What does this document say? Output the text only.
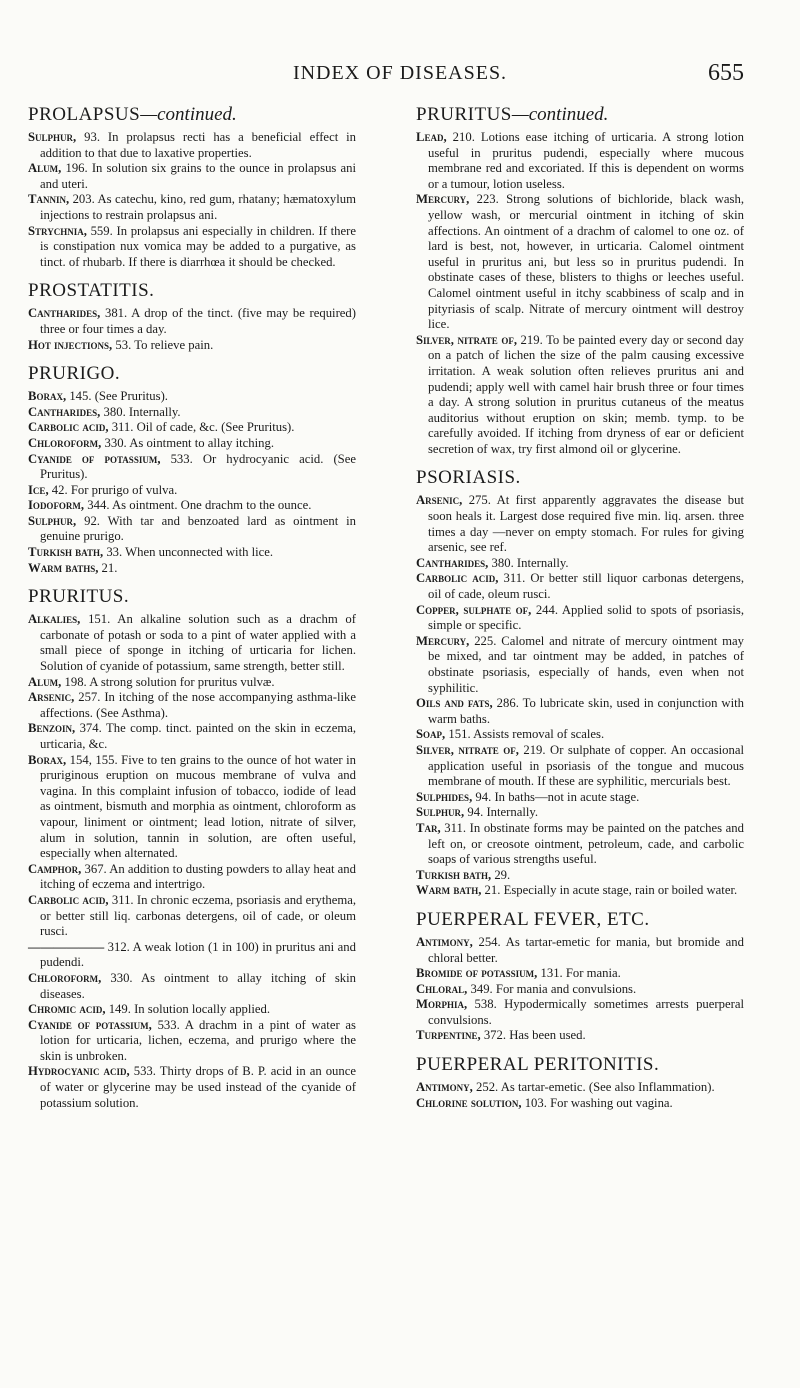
INDEX OF DISEASES.	655
PROLAPSUS—continued.

Sulphur, 93. In prolapsus recti has a beneficial effect in addition to that due to laxative properties.

Alum, 196. In solution six grains to the ounce in prolapsus ani and uteri.

Tannin, 203. As catechu, kino, red gum, rhatany; hæmatoxylum injections to restrain prolapsus ani.

Strychnia, 559. In prolapsus ani especially in children. If there is constipation nux vomica may be added to a purgative, as tinct. of rhubarb. If there is diarrhœa it should be checked.

PROSTATITIS.

Cantharides, 381. A drop of the tinct. (five may be required) three or four times a day.

Hot injections, 53. To relieve pain.

PRURIGO.

Borax, 145. (See Pruritus).

Cantharides, 380. Internally.

Carbolic acid, 311. Oil of cade, &c. (See Pruritus).

Chloroform, 330. As ointment to allay itching.

Cyanide of potassium, 533. Or hydrocyanic acid. (See Pruritus).

Ice, 42. For prurigo of vulva.

Iodoform, 344. As ointment. One drachm to the ounce.

Sulphur, 92. With tar and benzoated lard as ointment in genuine prurigo.

Turkish bath, 33. When unconnected with lice.

Warm baths, 21.

PRURITUS.

Alkalies, 151. An alkaline solution such as a drachm of carbonate of potash or soda to a pint of water applied with a small piece of sponge in itching of urticaria for lichen. Solution of cyanide of potassium, same strength, better still.

Alum, 198. A strong solution for pruritus vulvæ.

Arsenic, 257. In itching of the nose accompanying asthma-like affections. (See Asthma).

Benzoin, 374. The comp. tinct. painted on the skin in eczema, urticaria, &c.

Borax, 154, 155. Five to ten grains to the ounce of hot water in pruriginous eruption on mucous membrane of vulva and vagina. In this complaint infusion of tobacco, iodide of lead as ointment, bismuth and morphia as ointment, chloroform as vapour, liniment or ointment; lead lotion, nitrate of silver, alum in solution, tannin in solution, are often useful, especially when alternated.

Camphor, 367. An addition to dusting powders to allay heat and itching of eczema and intertrigo.

Carbolic acid, 311. In chronic eczema, psoriasis and erythema, or better still liq. carbonas detergens, oil of cade, or oleum rusci.

—————— 312. A weak lotion (1 in 100) in pruritus ani and pudendi.

Chloroform, 330. As ointment to allay itching of skin diseases.

Chromic acid, 149. In solution locally applied.

Cyanide of potassium, 533. A drachm in a pint of water as lotion for urticaria, lichen, eczema, and prurigo where the skin is unbroken.

Hydrocyanic acid, 533. Thirty drops of B. P. acid in an ounce of water or glycerine may be used instead of the cyanide of potassium solution.

PRURITUS—continued.

Lead, 210. Lotions ease itching of urticaria. A strong lotion useful in pruritus pudendi, especially where mucous membrane red and excoriated. If this is dependent on worms or a tumour, lotion useless.

Mercury, 223. Strong solutions of bichloride, black wash, yellow wash, or mercurial ointment in itching of skin affections. An ointment of a drachm of calomel to one oz. of lard is best, not, however, in urticaria. Calomel ointment useful in pruritus ani, but less so in pruritus pudendi. In obstinate cases of these, blisters to thighs or leeches useful. Calomel ointment useful in itchy scabbiness of scalp and in pityriasis of scalp. Nitrate of mercury ointment will destroy lice.

Silver, nitrate of, 219. To be painted every day or second day on a patch of lichen the size of the palm causing excessive irritation. A weak solution often relieves pruritus ani and pudendi; apply well with camel hair brush three or four times a day. A strong solution in pruritus cutaneus of the meatus auditorius without eruption on skin; memb. tymp. to be carefully avoided. If itching from dryness of ear or deficient secretion of wax, try first almond oil or glycerine.

PSORIASIS.

Arsenic, 275. At first apparently aggravates the disease but soon heals it. Largest dose required five min. liq. arsen. three times a day —never on empty stomach. For rules for giving arsenic, see ref.

Cantharides, 380. Internally.

Carbolic acid, 311. Or better still liquor carbonas detergens, oil of cade, oleum rusci.

Copper, sulphate of, 244. Applied solid to spots of psoriasis, simple or specific.

Mercury, 225. Calomel and nitrate of mercury ointment may be mixed, and tar ointment may be added, in patches of obstinate psoriasis, especially of hands, even when not syphilitic.

Oils and fats, 286. To lubricate skin, used in conjunction with warm baths.

Soap, 151. Assists removal of scales.

Silver, nitrate of, 219. Or sulphate of copper. An occasional application useful in psoriasis of the tongue and mucous membrane of mouth. If these are syphilitic, mercurials best.

Sulphides, 94. In baths—not in acute stage.

Sulphur, 94. Internally.

Tar, 311. In obstinate forms may be painted on the patches and left on, or creosote ointment, petroleum, cade, and carbolic soaps of various strengths useful.

Turkish bath, 29.

Warm bath, 21. Especially in acute stage, rain or boiled water.

PUERPERAL FEVER, ETC.

Antimony, 254. As tartar-emetic for mania, but bromide and chloral better.

Bromide of potassium, 131. For mania.

Chloral, 349. For mania and convulsions.

Morphia, 538. Hypodermically sometimes arrests puerperal convulsions.

Turpentine, 372. Has been used.

PUERPERAL PERITONITIS.

Antimony, 252. As tartar-emetic. (See also Inflammation).

Chlorine solution, 103. For washing out vagina.
